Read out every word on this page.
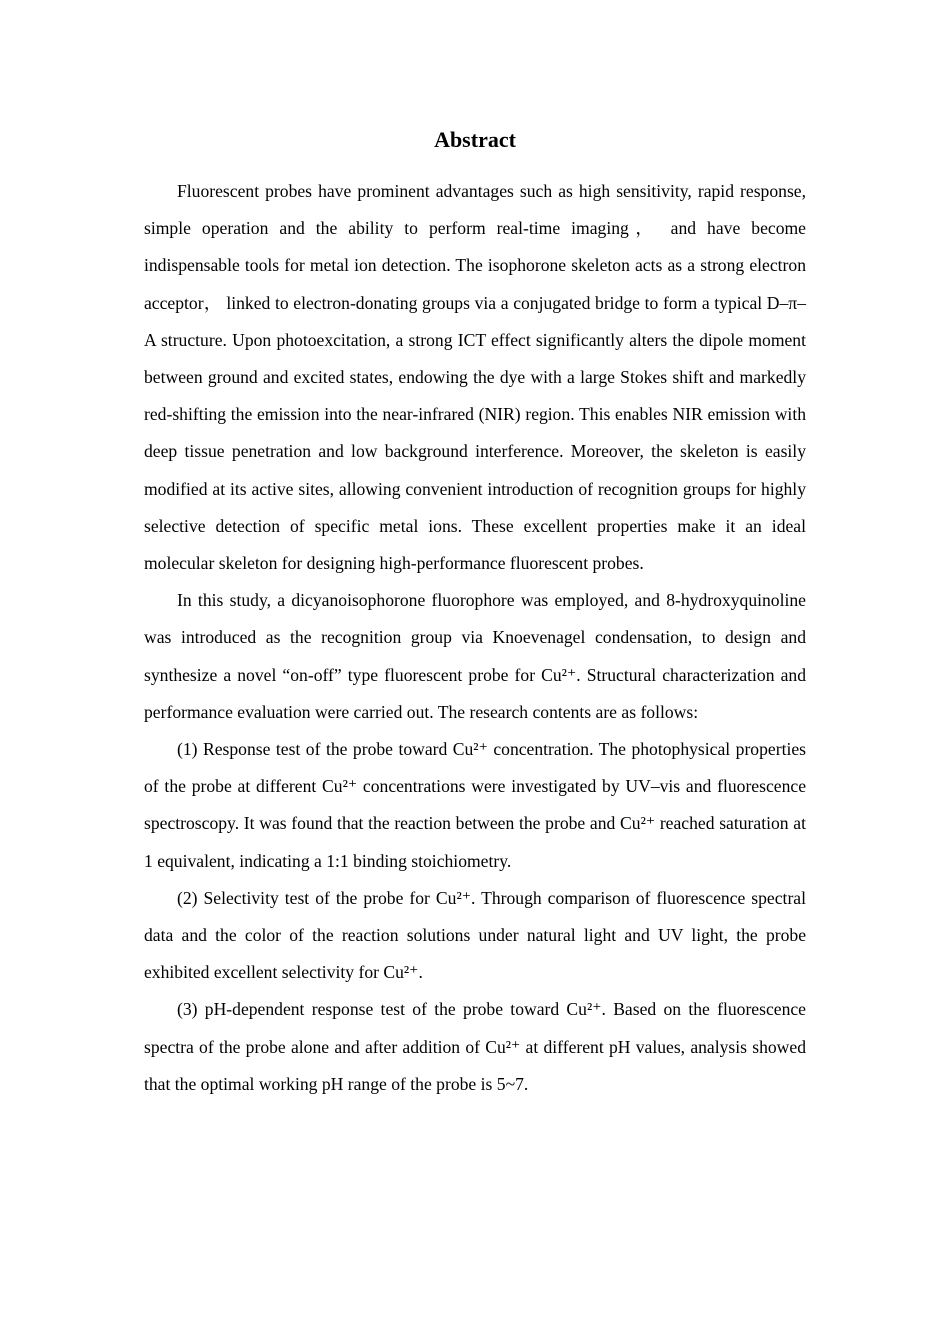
Abstract

Fluorescent probes have prominent advantages such as high sensitivity, rapid response, simple operation and the ability to perform real-time imaging， and have become indispensable tools for metal ion detection. The isophorone skeleton acts as a strong electron acceptor， linked to electron-donating groups via a conjugated bridge to form a typical D–π–A structure. Upon photoexcitation, a strong ICT effect significantly alters the dipole moment between ground and excited states, endowing the dye with a large Stokes shift and markedly red-shifting the emission into the near-infrared (NIR) region. This enables NIR emission with deep tissue penetration and low background interference. Moreover, the skeleton is easily modified at its active sites, allowing convenient introduction of recognition groups for highly selective detection of specific metal ions. These excellent properties make it an ideal molecular skeleton for designing high-performance fluorescent probes.

In this study, a dicyanoisophorone fluorophore was employed, and 8-hydroxyquinoline was introduced as the recognition group via Knoevenagel condensation, to design and synthesize a novel “on-off” type fluorescent probe for Cu²⁺. Structural characterization and performance evaluation were carried out. The research contents are as follows:

(1) Response test of the probe toward Cu²⁺ concentration. The photophysical properties of the probe at different Cu²⁺ concentrations were investigated by UV–vis and fluorescence spectroscopy. It was found that the reaction between the probe and Cu²⁺ reached saturation at 1 equivalent, indicating a 1:1 binding stoichiometry.

(2) Selectivity test of the probe for Cu²⁺. Through comparison of fluorescence spectral data and the color of the reaction solutions under natural light and UV light, the probe exhibited excellent selectivity for Cu²⁺.

(3) pH-dependent response test of the probe toward Cu²⁺. Based on the fluorescence spectra of the probe alone and after addition of Cu²⁺ at different pH values, analysis showed that the optimal working pH range of the probe is 5~7.
